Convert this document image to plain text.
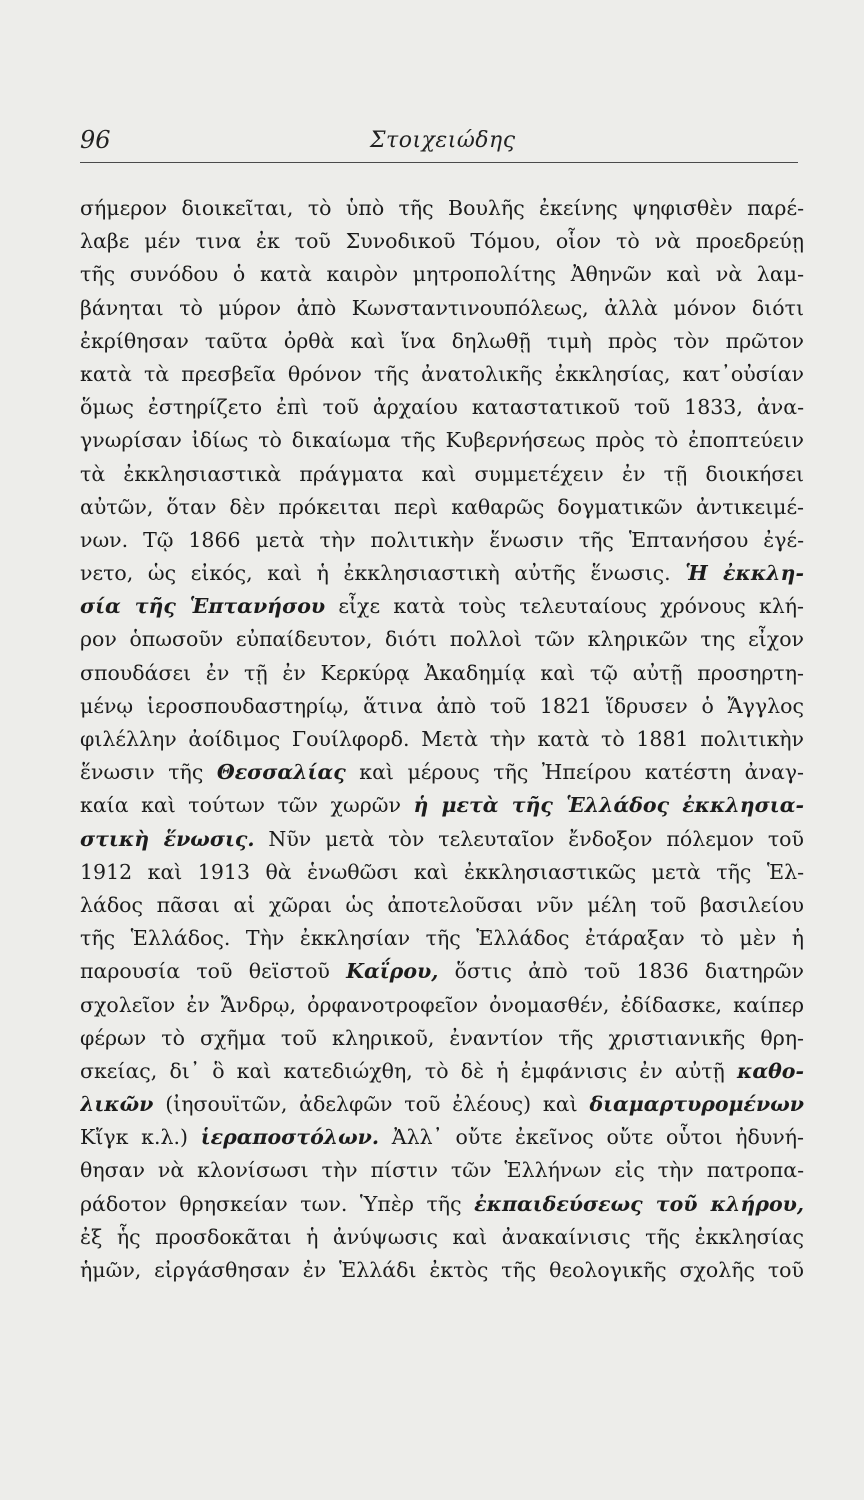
96	Στοιχειώδης
σήμερον διοικεῖται, τὸ ὑπὸ τῆς Βουλῆς ἐκείνης ψηφισθὲν παρέ-
λαβε μέν τινα ἐκ τοῦ Συνοδικοῦ Τόμου, οἷον τὸ νὰ προεδρεύῃ
τῆς συνόδου ὁ κατὰ καιρὸν μητροπολίτης Ἀθηνῶν καὶ νὰ λαμ-
βάνηται τὸ μύρον ἀπὸ Κωνσταντινουπόλεως, ἀλλὰ μόνον διότι
ἐκρίθησαν ταῦτα ὀρθὰ καὶ ἵνα δηλωθῇ τιμὴ πρὸς τὸν πρῶτον
κατὰ τὰ πρεσβεῖα θρόνον τῆς ἀνατολικῆς ἐκκλησίας, κατ᾽οὐσίαν
ὅμως ἐστηρίζετο ἐπὶ τοῦ ἀρχαίου καταστατικοῦ τοῦ 1833, ἀνα-
γνωρίσαν ἰδίως τὸ δικαίωμα τῆς Κυβερνήσεως πρὸς τὸ ἐποπτεύειν
τὰ ἐκκλησιαστικὰ πράγματα καὶ συμμετέχειν ἐν τῇ διοικήσει
αὐτῶν, ὅταν δὲν πρόκειται περὶ καθαρῶς δογματικῶν ἀντικειμέ-
νων. Τῷ 1866 μετὰ τὴν πολιτικὴν ἕνωσιν τῆς Ἑπτανήσου ἐγέ-
νετο, ὡς εἰκός, καὶ ἡ ἐκκλησιαστικὴ αὐτῆς ἕνωσις. Ἡ ἐκκλη-
σία τῆς Ἑπτανήσου εἶχε κατὰ τοὺς τελευταίους χρόνους κλή-
ρον ὁπωσοῦν εὐπαίδευτον, διότι πολλοὶ τῶν κληρικῶν της εἶχον
σπουδάσει ἐν τῇ ἐν Κερκύρᾳ Ἀκαδημίᾳ καὶ τῷ αὐτῇ προσηρτη-
μένῳ ἱεροσπουδαστηρίῳ, ἅτινα ἀπὸ τοῦ 1821 ἵδρυσεν ὁ Ἄγγλος
φιλέλλην ἀοίδιμος Γουίλφορδ. Μετὰ τὴν κατὰ τὸ 1881 πολιτικὴν
ἕνωσιν τῆς Θεσσαλίας καὶ μέρους τῆς Ἠπείρου κατέστη ἀναγ-
καία καὶ τούτων τῶν χωρῶν ἡ μετὰ τῆς Ἑλλάδος ἐκκλησια-
στικὴ ἕνωσις. Νῦν μετὰ τὸν τελευταῖον ἔνδοξον πόλεμον τοῦ
1912 καὶ 1913 θὰ ἑνωθῶσι καὶ ἐκκλησιαστικῶς μετὰ τῆς Ἑλ-
λάδος πᾶσαι αἱ χῶραι ὡς ἀποτελοῦσαι νῦν μέλη τοῦ βασιλείου
τῆς Ἑλλάδος. Τὴν ἐκκλησίαν τῆς Ἑλλάδος ἐτάραξαν τὸ μὲν ἡ
παρουσία τοῦ θεϊστοῦ Καΐρου, ὅστις ἀπὸ τοῦ 1836 διατηρῶν
σχολεῖον ἐν Ἄνδρῳ, ὀρφανοτροφεῖον ὀνομασθέν, ἐδίδασκε, καίπερ
φέρων τὸ σχῆμα τοῦ κληρικοῦ, ἐναντίον τῆς χριστιανικῆς θρη-
σκείας, δι᾽ ὃ καὶ κατεδιώχθη, τὸ δὲ ἡ ἐμφάνισις ἐν αὐτῇ καθο-
λικῶν (ἰησουϊτῶν, ἀδελφῶν τοῦ ἐλέους) καὶ διαμαρτυρομένων
Κἴγκ κ.λ.) ἱεραποστόλων. Ἀλλ᾽ οὔτε ἐκεῖνος οὔτε οὗτοι ἠδυνή-
θησαν νὰ κλονίσωσι τὴν πίστιν τῶν Ἑλλήνων εἰς τὴν πατροπα-
ράδοτον θρησκείαν των. Ὑπὲρ τῆς ἐκπαιδεύσεως τοῦ κλήρου,
ἐξ ἧς προσδοκᾶται ἡ ἀνύψωσις καὶ ἀνακαίνισις τῆς ἐκκλησίας
ἡμῶν, εἰργάσθησαν ἐν Ἑλλάδι ἐκτὸς τῆς θεολογικῆς σχολῆς τοῦ
